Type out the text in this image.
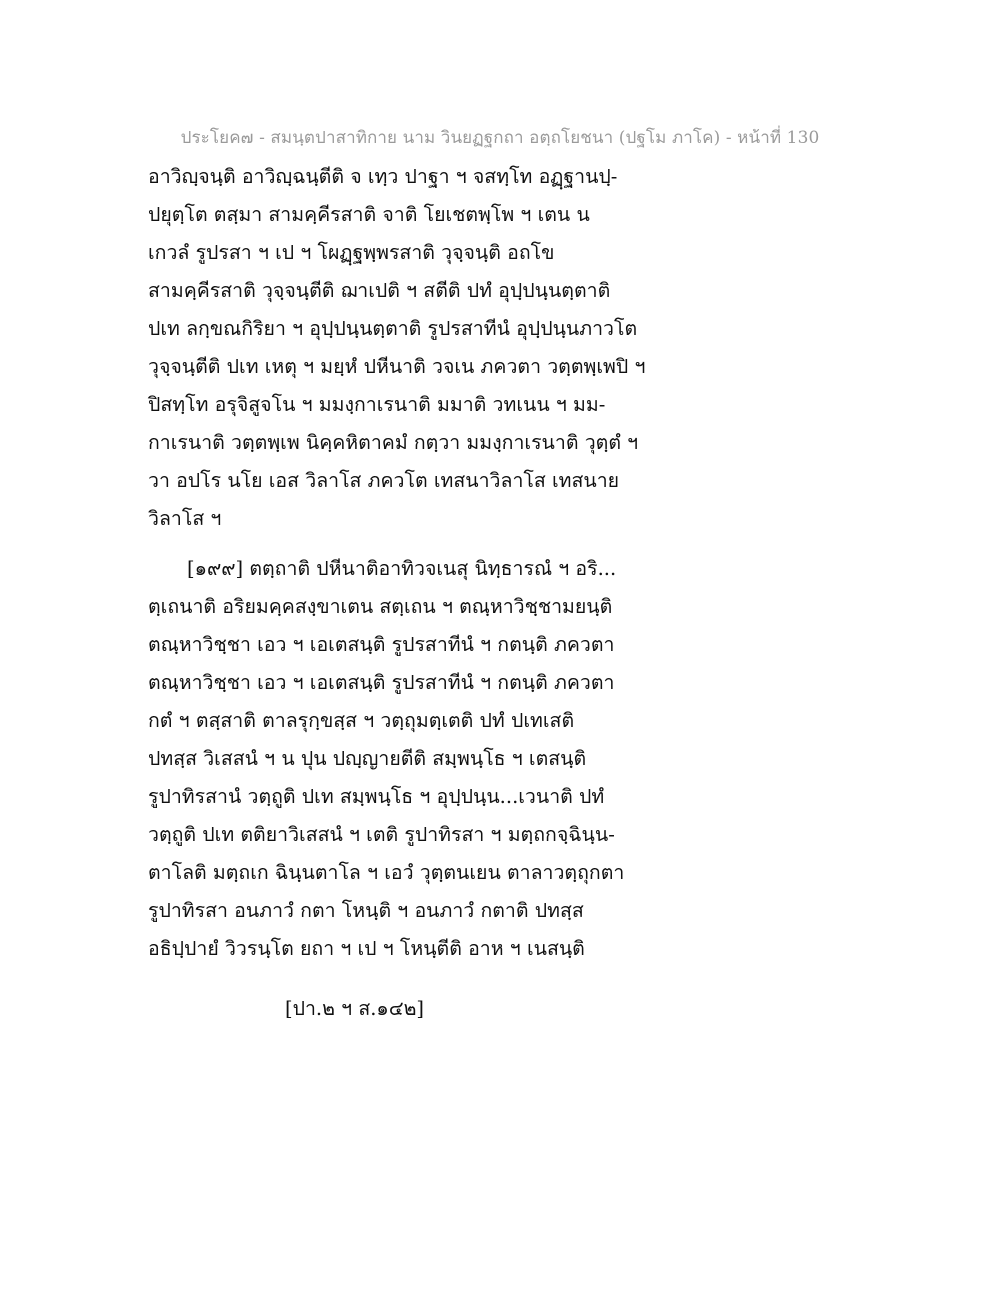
ประโยค๗ - สมนฺตปาสาทิกาย นาม วินยฏฐกถา อตฺถโยชนา (ปฐโม ภาโค) - หน้าที่ 130
อาวิญฺจนฺติ อาวิญฺฉนฺตีติ จ เทฺว ปาฐา ฯ จสทฺโท อฏฺฐานปฺ-
ปยุตฺโต ตสฺมา สามคฺคีรสาติ จาติ โยเชตพฺโพ ฯ เตน น
เกวลํ รูปรสา ฯ เป ฯ โผฏฺฐพฺพรสาติ วุจฺจนฺติ อถโข
สามคฺคีรสาติ วุจฺจนฺตีติ ฌาเปติ ฯ สตีติ ปทํ อุปฺปนฺนตฺตาติ
ปเท ลกฺขณกิริยา ฯ อุปฺปนฺนตฺตาติ รูปรสาทีนํ อุปฺปนฺนภาวโต
วุจฺจนฺตีติ ปเท เหตุ ฯ มยฺหํ ปหีนาติ วจเน ภควตา วตฺตพฺเพปิ ฯ
ปิสทฺโท อรุจิสูจโน ฯ มมงฺกาเรนาติ มมาติ วทเนน ฯ มม-
กาเรนาติ วตฺตพฺเพ นิคฺคหิตาคมํ กตฺวา มมงฺกาเรนาติ วุตฺตํ ฯ
วา อปโร นโย เอส วิลาโส ภควโต เทสนาวิลาโส เทสนาย
วิลาโส ฯ
[๑๙๙] ตตฺถาติ ปหีนาติอาทิวจเนสุ นิทฺธารณํ ฯ อริ...
ตฺเถนาติ อริยมคฺคสงฺขาเตน สตฺเถน ฯ ตณฺหาวิชฺชามยนฺติ
ตณฺหาวิชฺชา เอว ฯ เอเตสนฺติ รูปรสาทีนํ ฯ กตนฺติ ภควตา
ตณฺหาวิชฺชา เอว ฯ เอเตสนฺติ รูปรสาทีนํ ฯ กตนฺติ ภควตา
กตํ ฯ ตสฺสาติ ตาลรุกฺขสฺส ฯ วตฺถุมตฺเตติ ปทํ ปเทเสติ
ปทสฺส วิเสสนํ ฯ น ปุน ปญฺญายตีติ สมฺพนฺโธ ฯ เตสนฺติ
รูปาทิรสานํ วตฺถูติ ปเท สมฺพนฺโธ ฯ อุปฺปนฺน...เวนาติ ปทํ
วตฺถูติ ปเท ตติยาวิเสสนํ ฯ เตติ รูปาทิรสา ฯ มตฺถกจฺฉินฺน-
ตาโลติ มตฺถเก ฉินฺนตาโล ฯ เอวํ วุตฺตนเยน ตาลาวตฺถุกตา
รูปาทิรสา อนภาวํ กตา โหนฺติ ฯ อนภาวํ กตาติ ปทสฺส
อธิปฺปายํ วิวรนฺโต ยถา ฯ เป ฯ โหนฺตีติ อาห ฯ เนสนฺติ
[ปา.๒ ฯ ส.๑๔๒]
